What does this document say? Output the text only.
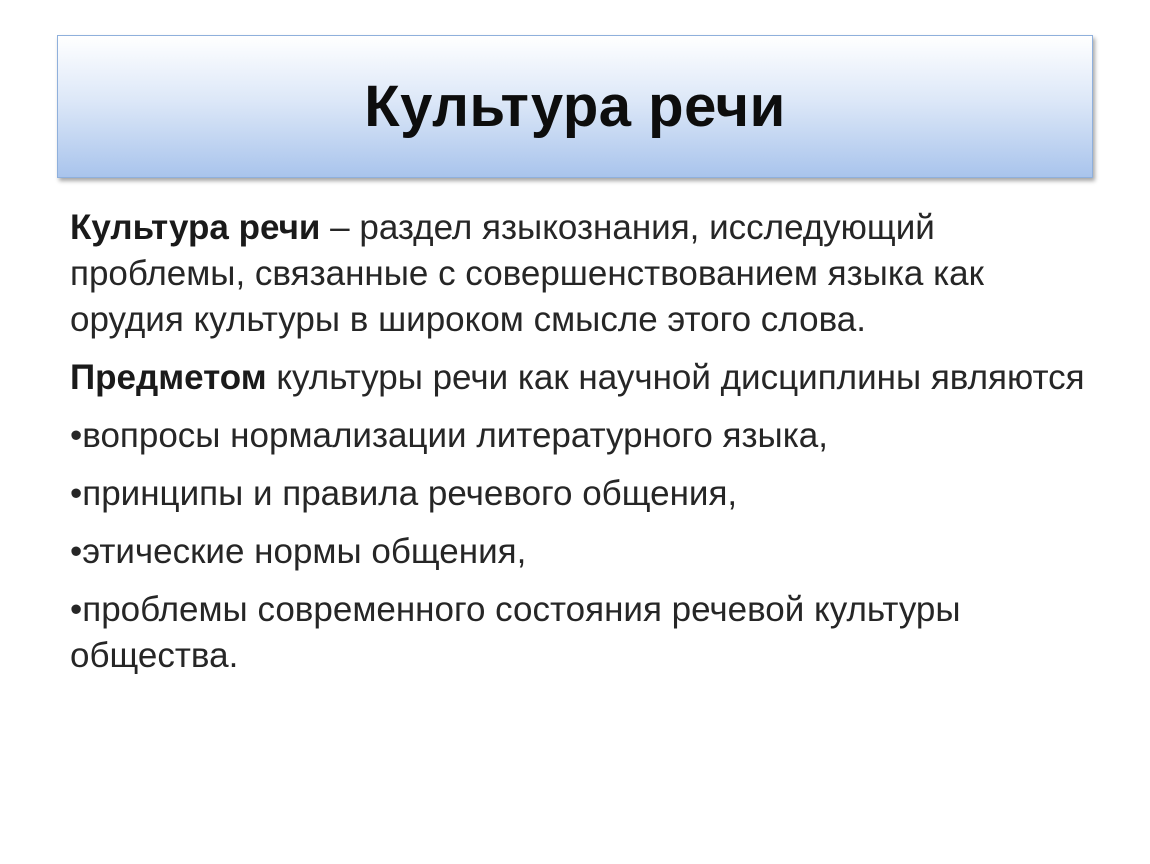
Культура речи

Культура речи – раздел языкознания, исследующий проблемы, связанные с совершенствованием языка как орудия культуры в широком смысле этого слова.

Предметом культуры речи как научной дисциплины являются

•вопросы нормализации литературного языка,

•принципы и правила речевого общения,

•этические нормы общения,

•проблемы современного состояния речевой культуры общества.
